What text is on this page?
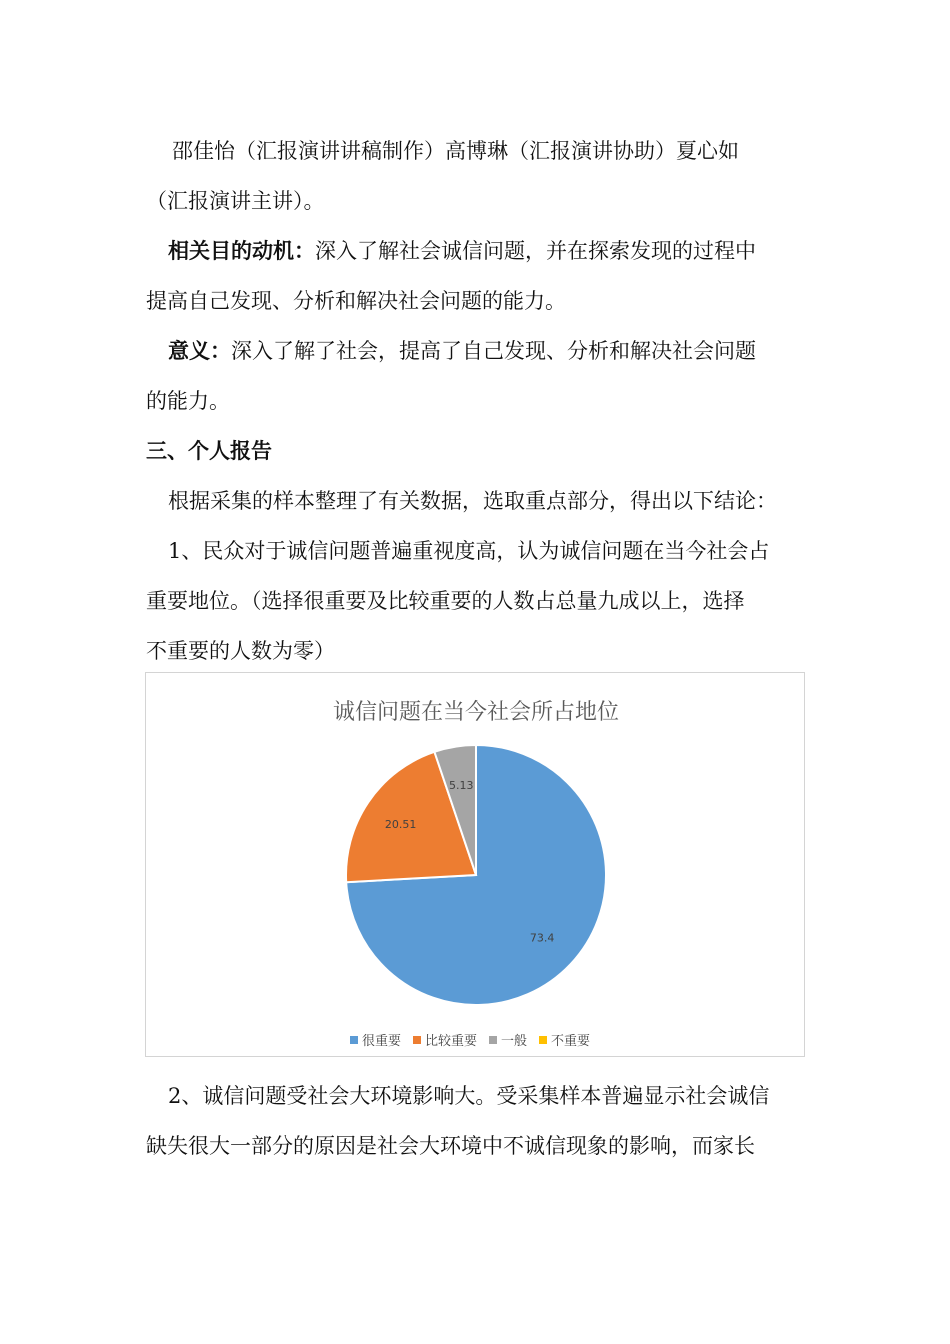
邵佳怡（汇报演讲讲稿制作）高博琳（汇报演讲协助）夏心如
（汇报演讲主讲）。
相关目的动机：深入了解社会诚信问题，并在探索发现的过程中
提高自己发现、分析和解决社会问题的能力。
意义：深入了解了社会，提高了自己发现、分析和解决社会问题
的能力。
三、个人报告
根据采集的样本整理了有关数据，选取重点部分，得出以下结论：
1、民众对于诚信问题普遍重视度高，认为诚信问题在当今社会占
重要地位。（选择很重要及比较重要的人数占总量九成以上，选择
不重要的人数为零）
诚信问题在当今社会所占地位
73.4
20.51
5.13
很重要 比较重要 一般 不重要
2、诚信问题受社会大环境影响大。受采集样本普遍显示社会诚信
缺失很大一部分的原因是社会大环境中不诚信现象的影响，而家长
